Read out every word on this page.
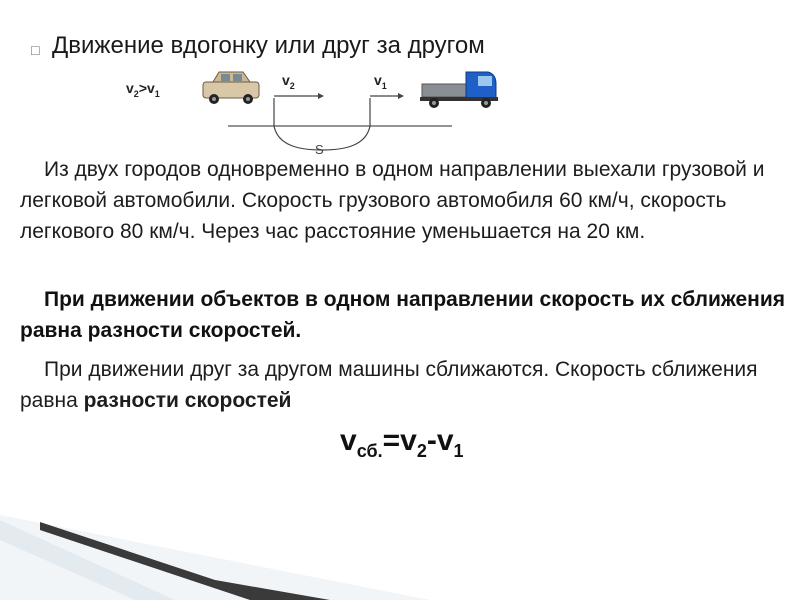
☐ Движение вдогонку или друг за другом
$v_2>v_1$
$v_2$	$v_1$
S
Из двух городов одновременно в одном направлении выехали грузовой и легковой автомобили. Скорость грузового автомобиля 60 км/ч, скорость легкового 80 км/ч. Через час расстояние уменьшается на 20 км.
При движении объектов в одном направлении скорость их сближения равна разности скоростей.
При движении друг за другом машины сближаются. Скорость сближения равна разности скоростей
$v_{сб.}=v_2-v_1$
